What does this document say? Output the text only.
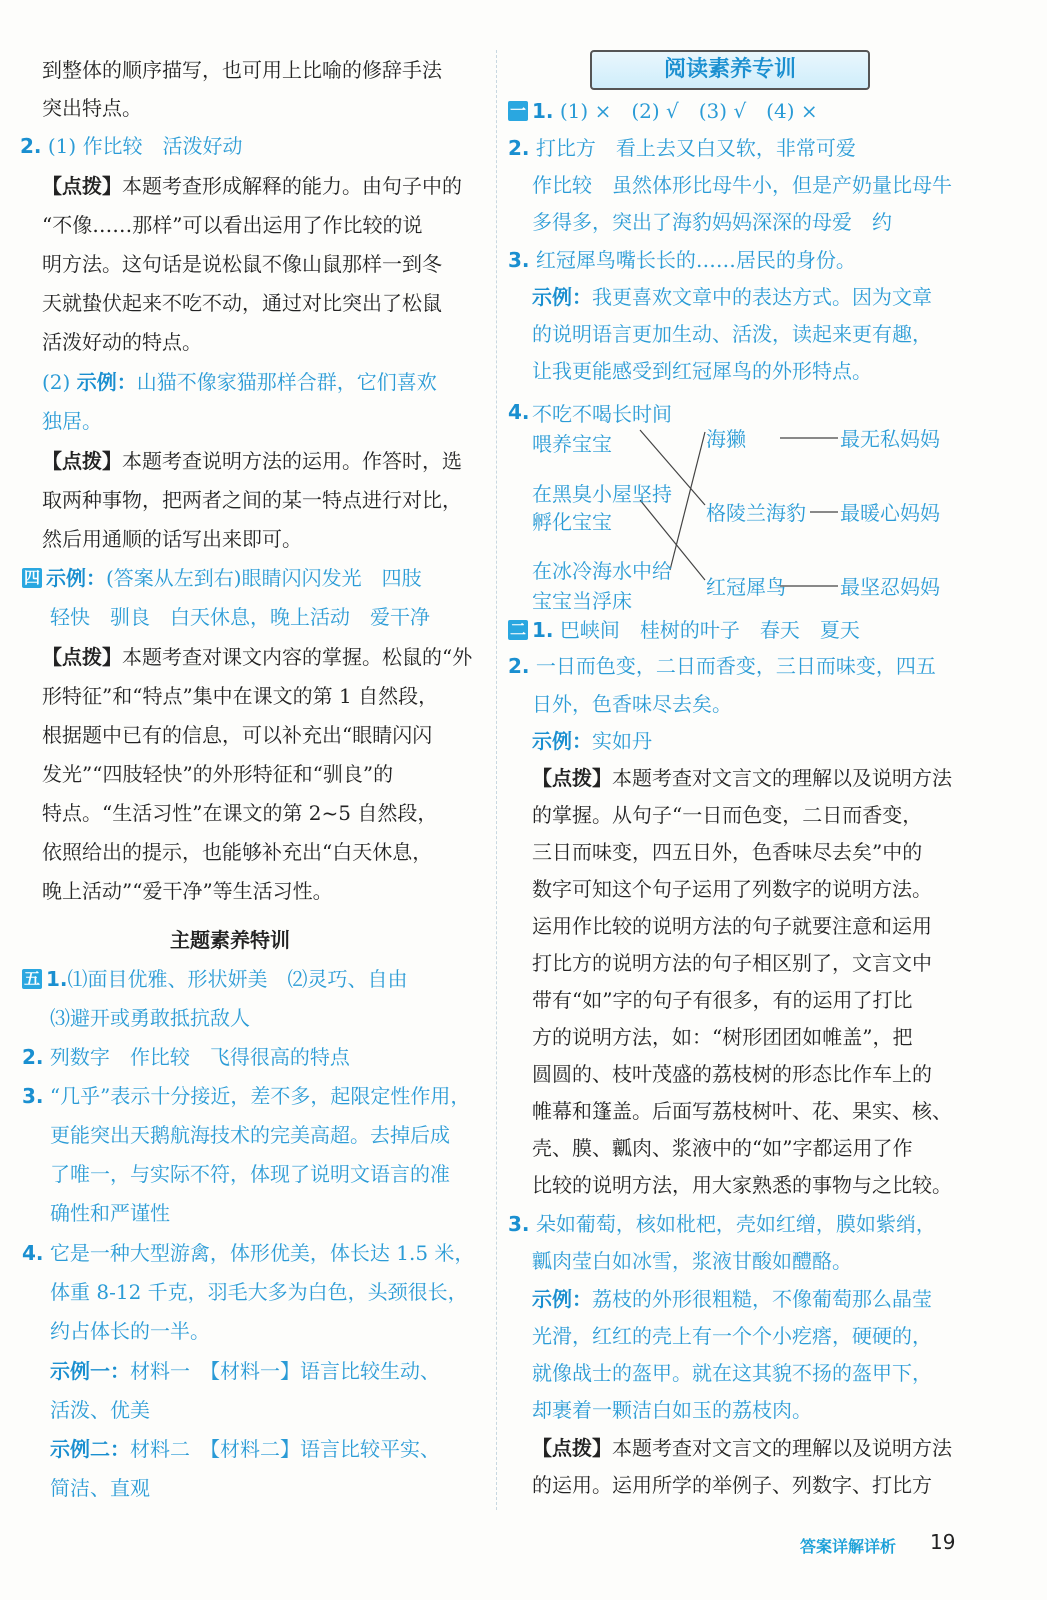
到整体的顺序描写，也可用上比喻的修辞手法
突出特点。
2. (1) 作比较　活泼好动
【点拨】本题考查形成解释的能力。由句子中的
“不像……那样”可以看出运用了作比较的说
明方法。这句话是说松鼠不像山鼠那样一到冬
天就蛰伏起来不吃不动，通过对比突出了松鼠
活泼好动的特点。
(2) 示例：山猫不像家猫那样合群，它们喜欢
独居。
【点拨】本题考查说明方法的运用。作答时，选
取两种事物，把两者之间的某一特点进行对比，
然后用通顺的话写出来即可。
四 示例：(答案从左到右)眼睛闪闪发光　四肢
轻快　驯良　白天休息，晚上活动　爱干净
【点拨】本题考查对课文内容的掌握。松鼠的“外
形特征”和“特点”集中在课文的第 1 自然段，
根据题中已有的信息，可以补充出“眼睛闪闪
发光”“四肢轻快”的外形特征和“驯良”的
特点。“生活习性”在课文的第 2~5 自然段，
依照给出的提示，也能够补充出“白天休息，
晚上活动”“爱干净”等生活习性。
主题素养特训
五 1.⑴面目优雅、形状妍美　⑵灵巧、自由
⑶避开或勇敢抵抗敌人
2. 列数字　作比较　飞得很高的特点
3. “几乎”表示十分接近，差不多，起限定性作用，
更能突出天鹅航海技术的完美高超。去掉后成
了唯一，与实际不符，体现了说明文语言的准
确性和严谨性
4. 它是一种大型游禽，体形优美，体长达 1.5 米，
体重 8-12 千克，羽毛大多为白色，头颈很长，
约占体长的一半。
示例一：材料一　【材料一】语言比较生动、
活泼、优美
示例二：材料二　【材料二】语言比较平实、
简洁、直观
阅读素养专训
一 1. (1) ×　(2) √　(3) √　(4) ×
2. 打比方　看上去又白又软，非常可爱
作比较　虽然体形比母牛小，但是产奶量比母牛
多得多，突出了海豹妈妈深深的母爱　约
3. 红冠犀鸟嘴长长的……居民的身份。
示例：我更喜欢文章中的表达方式。因为文章
的说明语言更加生动、活泼，读起来更有趣，
让我更能感受到红冠犀鸟的外形特点。
4. 不吃不喝长时间
喂养宝宝
在黑臭小屋坚持
孵化宝宝
在冰冷海水中给
宝宝当浮床
海獭
格陵兰海豹
红冠犀鸟
最无私妈妈
最暖心妈妈
最坚忍妈妈
二 1. 巴峡间　桂树的叶子　春天　夏天
2. 一日而色变，二日而香变，三日而味变，四五
日外，色香味尽去矣。
示例：实如丹
【点拨】本题考查对文言文的理解以及说明方法
的掌握。从句子“一日而色变，二日而香变，
三日而味变，四五日外，色香味尽去矣”中的
数字可知这个句子运用了列数字的说明方法。
运用作比较的说明方法的句子就要注意和运用
打比方的说明方法的句子相区别了，文言文中
带有“如”字的句子有很多，有的运用了打比
方的说明方法，如：“树形团团如帷盖”，把
圆圆的、枝叶茂盛的荔枝树的形态比作车上的
帷幕和篷盖。后面写荔枝树叶、花、果实、核、
壳、膜、瓤肉、浆液中的“如”字都运用了作
比较的说明方法，用大家熟悉的事物与之比较。
3. 朵如葡萄，核如枇杷，壳如红缯，膜如紫绡，
瓤肉莹白如冰雪，浆液甘酸如醴酪。
示例：荔枝的外形很粗糙，不像葡萄那么晶莹
光滑，红红的壳上有一个个小疙瘩，硬硬的，
就像战士的盔甲。就在这其貌不扬的盔甲下，
却裹着一颗洁白如玉的荔枝肉。
【点拨】本题考查对文言文的理解以及说明方法
的运用。运用所学的举例子、列数字、打比方
答案详解详析 19
